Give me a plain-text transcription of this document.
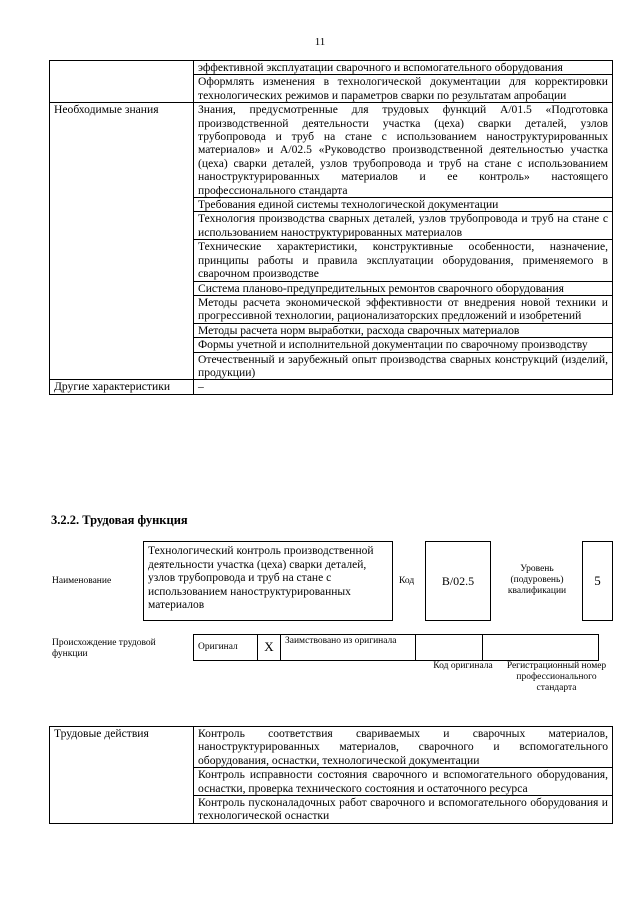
11
	эффективной эксплуатации сварочного и вспомогательного оборудования
	Оформлять изменения в технологической документации для корректировки технологических режимов и параметров сварки по результатам апробации
Необходимые знания	Знания, предусмотренные для трудовых функций А/01.5 «Подготовка производственной деятельности участка (цеха) сварки деталей, узлов трубопровода и труб на стане с использованием наноструктурированных материалов» и А/02.5 «Руководство производственной деятельностью участка (цеха) сварки деталей, узлов трубопровода и труб на стане с использованием наноструктурированных материалов и ее контроль» настоящего профессионального стандарта
	Требования единой системы технологической документации
	Технология производства сварных деталей, узлов трубопровода и труб на стане с использованием наноструктурированных материалов
	Технические характеристики, конструктивные особенности, назначение, принципы работы и правила эксплуатации оборудования, применяемого в сварочном производстве
	Система планово-предупредительных ремонтов сварочного оборудования
	Методы расчета экономической эффективности от внедрения новой техники и прогрессивной технологии, рационализаторских предложений и изобретений
	Методы расчета норм выработки, расхода сварочных материалов
	Формы учетной и исполнительной документации по сварочному производству
	Отечественный и зарубежный опыт производства сварных конструкций (изделий, продукции)
Другие характеристики	–
3.2.2. Трудовая функция
Наименование
Технологический контроль производственной деятельности участка (цеха) сварки деталей, узлов трубопровода и труб на стане с использованием наноструктурированных материалов
Код	В/02.5
Уровень (подуровень) квалификации
5
Происхождение трудовой функции
Оригинал	X	Заимствовано из оригинала		
Код оригинала	Регистрационный номер профессионального стандарта
Трудовые действия	Контроль соответствия свариваемых и сварочных материалов, наноструктурированных материалов, сварочного и вспомогательного оборудования, оснастки, технологической документации
Контроль исправности состояния сварочного и вспомогательного оборудования, оснастки, проверка технического состояния и остаточного ресурса
Контроль пусконаладочных работ сварочного и вспомогательного оборудования и технологической оснастки
